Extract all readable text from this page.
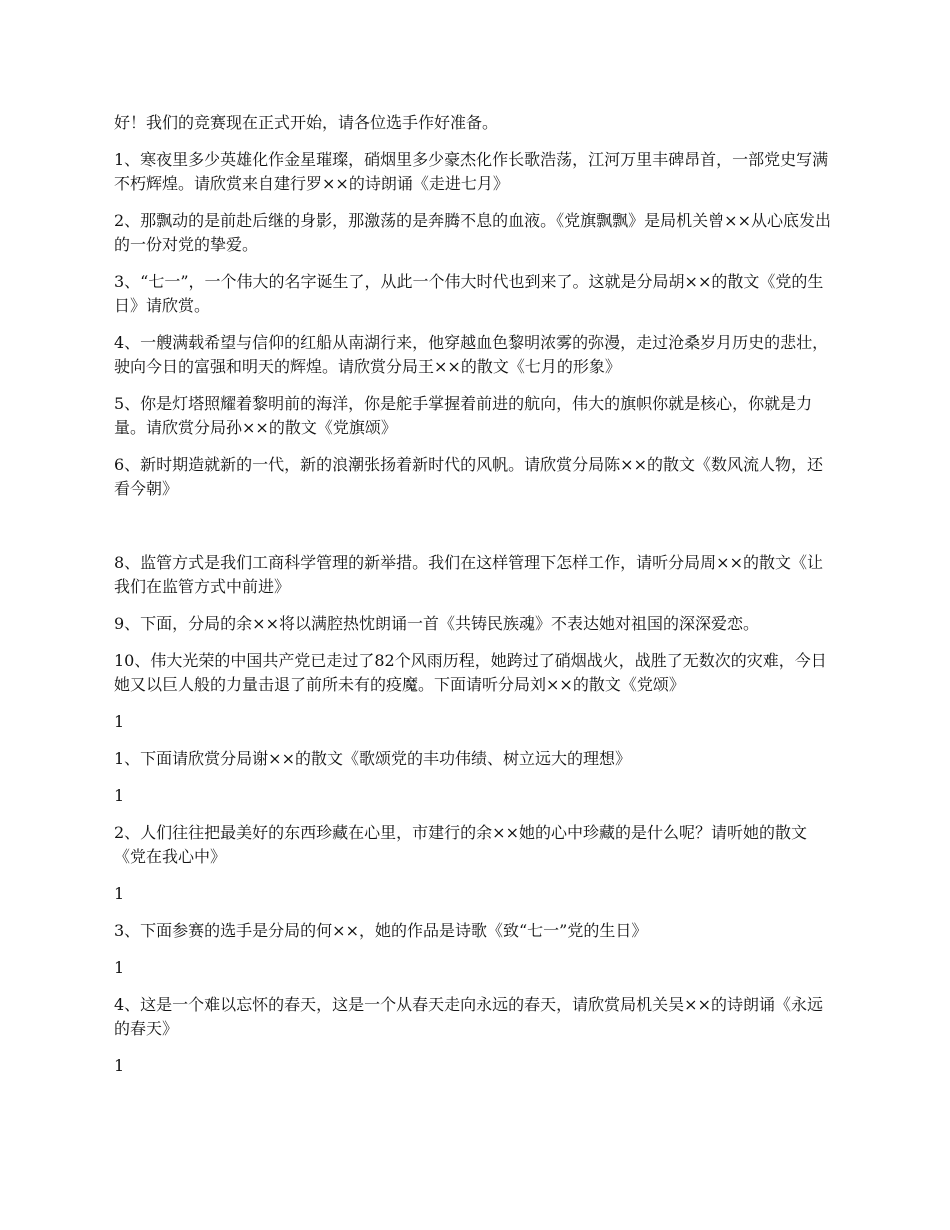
好！我们的竞赛现在正式开始，请各位选手作好准备。

1、寒夜里多少英雄化作金星璀璨，硝烟里多少豪杰化作长歌浩荡，江河万里丰碑昂首，一部党史写满不朽辉煌。请欣赏来自建行罗××的诗朗诵《走进七月》

2、那飘动的是前赴后继的身影，那激荡的是奔腾不息的血液。《党旗飘飘》是局机关曾××从心底发出的一份对党的挚爱。

3、“七一”，一个伟大的名字诞生了，从此一个伟大时代也到来了。这就是分局胡××的散文《党的生日》请欣赏。

4、一艘满载希望与信仰的红船从南湖行来，他穿越血色黎明浓雾的弥漫，走过沧桑岁月历史的悲壮，驶向今日的富强和明天的辉煌。请欣赏分局王××的散文《七月的形象》

5、你是灯塔照耀着黎明前的海洋，你是舵手掌握着前进的航向，伟大的旗帜你就是核心，你就是力量。请欣赏分局孙××的散文《党旗颂》

6、新时期造就新的一代，新的浪潮张扬着新时代的风帆。请欣赏分局陈××的散文《数风流人物，还看今朝》

8、监管方式是我们工商科学管理的新举措。我们在这样管理下怎样工作，请听分局周××的散文《让我们在监管方式中前进》

9、下面，分局的余××将以满腔热忱朗诵一首《共铸民族魂》不表达她对祖国的深深爱恋。

10、伟大光荣的中国共产党已走过了82个风雨历程，她跨过了硝烟战火，战胜了无数次的灾难，今日她又以巨人般的力量击退了前所未有的疫魔。下面请听分局刘××的散文《党颂》

1

1、下面请欣赏分局谢××的散文《歌颂党的丰功伟绩、树立远大的理想》

1

2、人们往往把最美好的东西珍藏在心里，市建行的余××她的心中珍藏的是什么呢？请听她的散文《党在我心中》

1

3、下面参赛的选手是分局的何××，她的作品是诗歌《致“七一”党的生日》

1

4、这是一个难以忘怀的春天，这是一个从春天走向永远的春天，请欣赏局机关吴××的诗朗诵《永远的春天》

1
